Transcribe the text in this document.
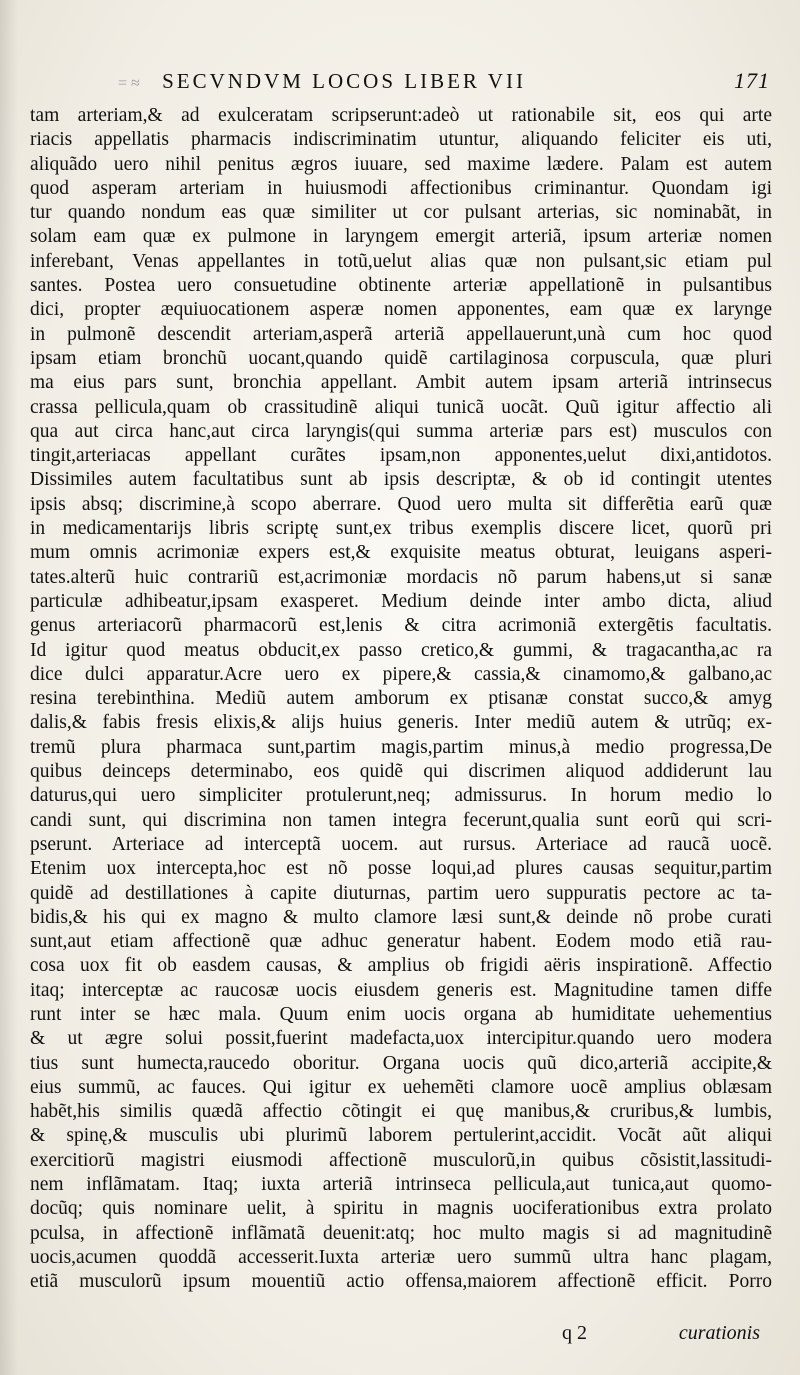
= ≈ SECVNDVM LOCOS LIBER VII	171
tam arteriam,& ad exulceratam scripserunt:adeò ut rationabile sit, eos qui arte
riacis appellatis pharmacis indiscriminatim utuntur, aliquando feliciter eis uti,
aliquãdo uero nihil penitus ægros iuuare, sed maxime lædere. Palam est autem
quod asperam arteriam in huiusmodi affectionibus criminantur. Quondam igi
tur quando nondum eas quæ similiter ut cor pulsant arterias, sic nominabãt, in
solam eam quæ ex pulmone in laryngem emergit arteriã, ipsum arteriæ nomen
inferebant, Venas appellantes in totũ,uelut alias quæ non pulsant,sic etiam pul
santes. Postea uero consuetudine obtinente arteriæ appellationẽ in pulsantibus
dici, propter æquiuocationem asperæ nomen apponentes, eam quæ ex larynge
in pulmonẽ descendit arteriam,asperã arteriã appellauerunt,unà cum hoc quod
ipsam etiam bronchũ uocant,quando quidẽ cartilaginosa corpuscula, quæ pluri
ma eius pars sunt, bronchia appellant. Ambit autem ipsam arteriã intrinsecus
crassa pellicula,quam ob crassitudinẽ aliqui tunicã uocãt. Quũ igitur affectio ali
qua aut circa hanc,aut circa laryngis(qui summa arteriæ pars est) musculos con
tingit,arteriacas appellant curãtes ipsam,non apponentes,uelut dixi,antidotos.
Dissimiles autem facultatibus sunt ab ipsis descriptæ, & ob id contingit utentes
ipsis absq; discrimine,à scopo aberrare. Quod uero multa sit differẽtia earũ quæ
in medicamentarijs libris scriptę sunt,ex tribus exemplis discere licet, quorũ pri
mum omnis acrimoniæ expers est,& exquisite meatus obturat, leuigans asperi-
tates.alterũ huic contrariũ est,acrimoniæ mordacis nõ parum habens,ut si sanæ
particulæ adhibeatur,ipsam exasperet. Medium deinde inter ambo dicta, aliud
genus arteriacorũ pharmacorũ est,lenis & citra acrimoniã extergẽtis facultatis.
Id igitur quod meatus obducit,ex passo cretico,& gummi, & tragacantha,ac ra
dice dulci apparatur.Acre uero ex pipere,& cassia,& cinamomo,& galbano,ac
resina terebinthina. Mediũ autem amborum ex ptisanæ constat succo,& amyg
dalis,& fabis fresis elixis,& alijs huius generis. Inter mediũ autem & utrũq; ex-
tremũ plura pharmaca sunt,partim magis,partim minus,à medio progressa,De
quibus deinceps determinabo, eos quidẽ qui discrimen aliquod addiderunt lau
daturus,qui uero simpliciter protulerunt,neq; admissurus. In horum medio lo
candi sunt, qui discrimina non tamen integra fecerunt,qualia sunt eorũ qui scri-
pserunt. Arteriace ad interceptã uocem. aut rursus. Arteriace ad raucã uocẽ.
Etenim uox intercepta,hoc est nõ posse loqui,ad plures causas sequitur,partim
quidẽ ad destillationes à capite diuturnas, partim uero suppuratis pectore ac ta-
bidis,& his qui ex magno & multo clamore læsi sunt,& deinde nõ probe curati
sunt,aut etiam affectionẽ quæ adhuc generatur habent. Eodem modo etiã rau-
cosa uox fit ob easdem causas, & amplius ob frigidi aëris inspirationẽ. Affectio
itaq; interceptæ ac raucosæ uocis eiusdem generis est. Magnitudine tamen diffe
runt inter se hæc mala. Quum enim uocis organa ab humiditate uehementius
& ut ægre solui possit,fuerint madefacta,uox intercipitur.quando uero modera
tius sunt humecta,raucedo oboritur. Organa uocis quũ dico,arteriã accipite,&
eius summũ, ac fauces. Qui igitur ex uehemẽti clamore uocẽ amplius oblæsam
habẽt,his similis quædã affectio cõtingit ei quę manibus,& cruribus,& lumbis,
& spinę,& musculis ubi plurimũ laborem pertulerint,accidit. Vocãt aũt aliqui
exercitiorũ magistri eiusmodi affectionẽ musculorũ,in quibus cõsistit,lassitudi-
nem inflãmatam. Itaq; iuxta arteriã intrinseca pellicula,aut tunica,aut quomo-
docũq; quis nominare uelit, à spiritu in magnis uociferationibus extra prolato
pculsa, in affectionẽ inflãmatã deuenit:atq; hoc multo magis si ad magnitudinẽ
uocis,acumen quoddã accesserit.Iuxta arteriæ uero summũ ultra hanc plagam,
etiã musculorũ ipsum mouentiũ actio offensa,maiorem affectionẽ efficit. Porro
q 2	curationis
